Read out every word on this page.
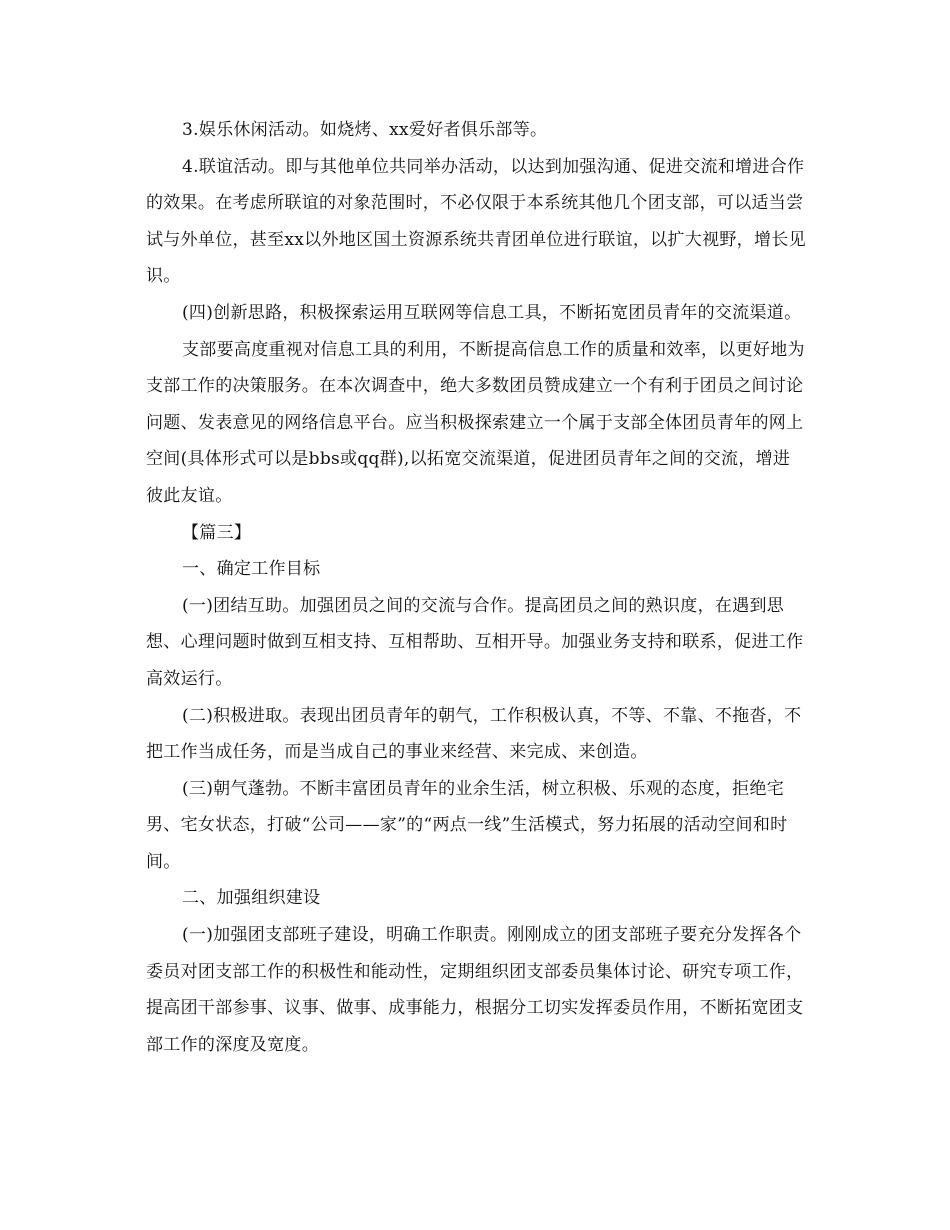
3.娱乐休闲活动。如烧烤、xx爱好者俱乐部等。

4.联谊活动。即与其他单位共同举办活动，以达到加强沟通、促进交流和增进合作的效果。在考虑所联谊的对象范围时，不必仅限于本系统其他几个团支部，可以适当尝试与外单位，甚至xx以外地区国土资源系统共青团单位进行联谊，以扩大视野，增长见识。

(四)创新思路，积极探索运用互联网等信息工具，不断拓宽团员青年的交流渠道。

支部要高度重视对信息工具的利用，不断提高信息工作的质量和效率，以更好地为支部工作的决策服务。在本次调查中，绝大多数团员赞成建立一个有利于团员之间讨论问题、发表意见的网络信息平台。应当积极探索建立一个属于支部全体团员青年的网上空间(具体形式可以是bbs或qq群),以拓宽交流渠道，促进团员青年之间的交流，增进彼此友谊。

【篇三】

一、确定工作目标

(一)团结互助。加强团员之间的交流与合作。提高团员之间的熟识度，在遇到思想、心理问题时做到互相支持、互相帮助、互相开导。加强业务支持和联系，促进工作高效运行。

(二)积极进取。表现出团员青年的朝气，工作积极认真，不等、不靠、不拖沓，不把工作当成任务，而是当成自己的事业来经营、来完成、来创造。

(三)朝气蓬勃。不断丰富团员青年的业余生活，树立积极、乐观的态度，拒绝宅男、宅女状态，打破“公司——家”的“两点一线”生活模式，努力拓展的活动空间和时间。

二、加强组织建设

(一)加强团支部班子建设，明确工作职责。刚刚成立的团支部班子要充分发挥各个委员对团支部工作的积极性和能动性，定期组织团支部委员集体讨论、研究专项工作，提高团干部参事、议事、做事、成事能力，根据分工切实发挥委员作用，不断拓宽团支部工作的深度及宽度。
